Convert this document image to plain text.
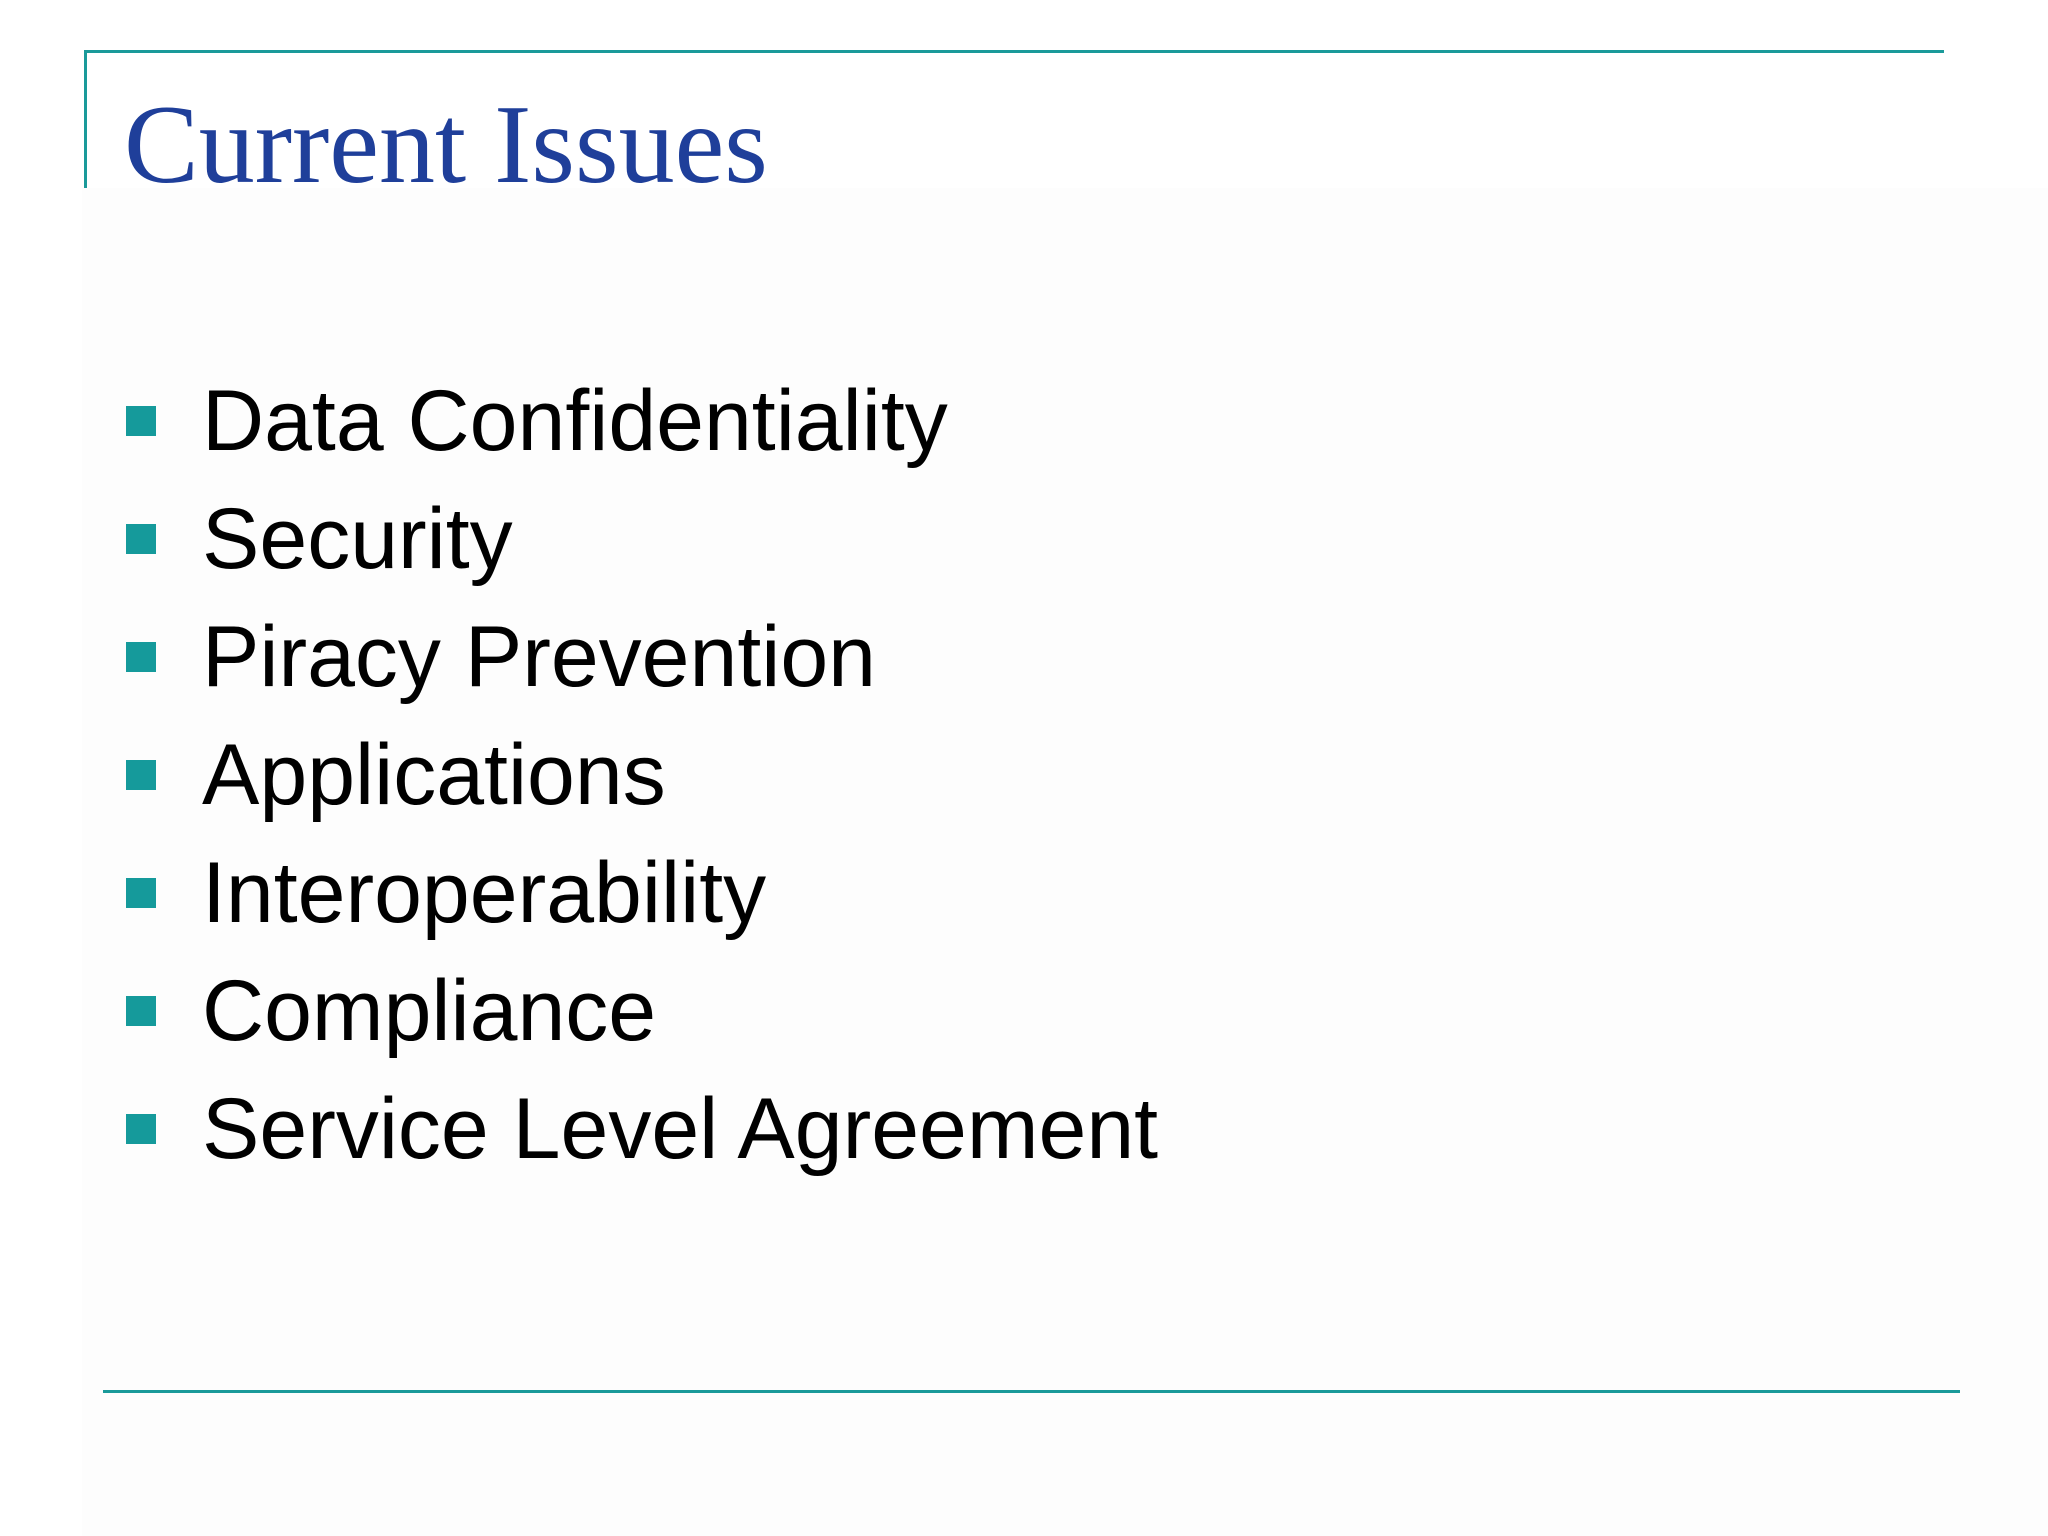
Current Issues
Data Confidentiality
Security
Piracy Prevention
Applications
Interoperability
Compliance
Service Level Agreement
